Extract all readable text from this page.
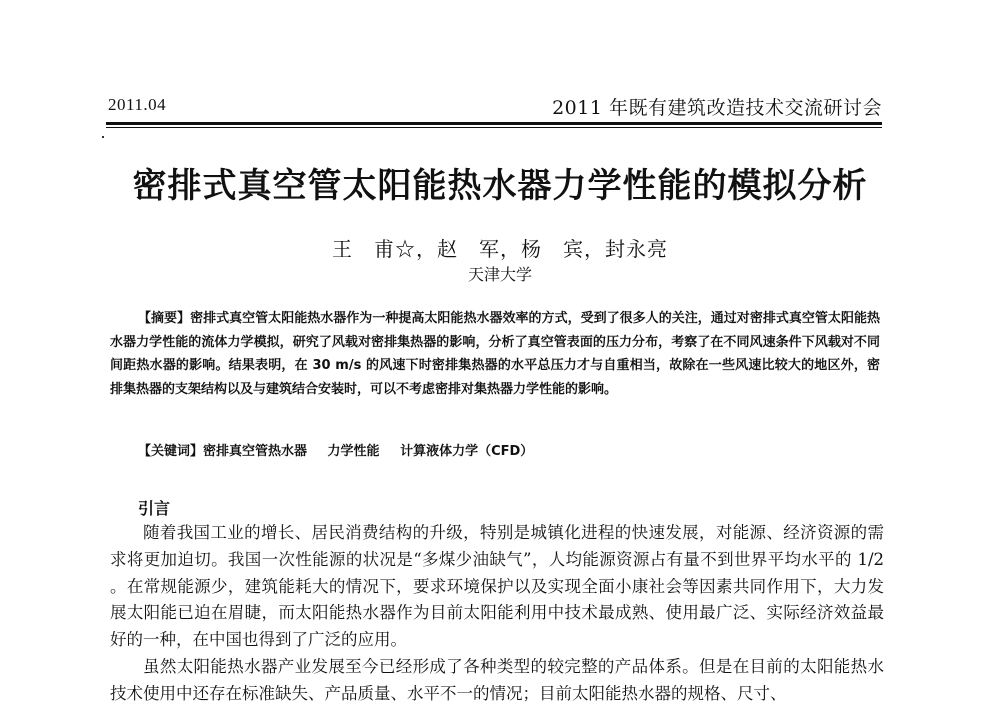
2011.04	2011 年既有建筑改造技术交流研讨会
密排式真空管太阳能热水器力学性能的模拟分析
王　甫☆，赵　军，杨　宾，封永亮
天津大学
【摘要】密排式真空管太阳能热水器作为一种提高太阳能热水器效率的方式，受到了很多人的关注，通过对密排式真空管太阳能热水器力学性能的流体力学模拟，研究了风载对密排集热器的影响，分析了真空管表面的压力分布，考察了在不同风速条件下风载对不同间距热水器的影响。结果表明，在 30 m/s 的风速下时密排集热器的水平总压力才与自重相当，故除在一些风速比较大的地区外，密排集热器的支架结构以及与建筑结合安装时，可以不考虑密排对集热器力学性能的影响。
【关键词】密排真空管热水器 力学性能 计算液体力学（CFD）
引言

随着我国工业的增长、居民消费结构的升级，特别是城镇化进程的快速发展，对能源、经济资源的需求将更加迫切。我国一次性能源的状况是“多煤少油缺气”，人均能源资源占有量不到世界平均水平的 1/2 。在常规能源少，建筑能耗大的情况下，要求环境保护以及实现全面小康社会等因素共同作用下，大力发展太阳能已迫在眉睫，而太阳能热水器作为目前太阳能利用中技术最成熟、使用最广泛、实际经济效益最好的一种，在中国也得到了广泛的应用。

虽然太阳能热水器产业发展至今已经形成了各种类型的较完整的产品体系。但是在目前的太阳能热水技术使用中还存在标准缺失、产品质量、水平不一的情况；目前太阳能热水器的规格、尺寸、
